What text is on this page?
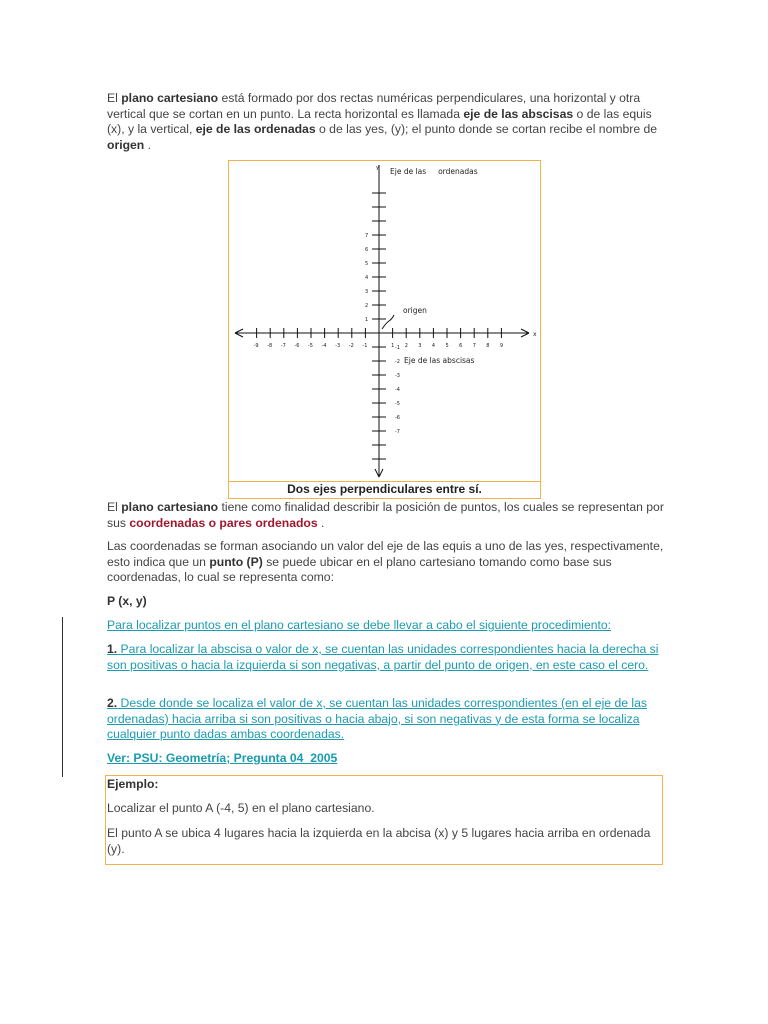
El plano cartesiano está formado por dos rectas numéricas perpendiculares, una horizontal y otra vertical que se cortan en un punto. La recta horizontal es llamada eje de las abscisas o de las equis (x), y la vertical, eje de las ordenadas o de las yes, (y); el punto donde se cortan recibe el nombre de origen .

-9 -8 -7 -6 -5 -4 -3 -2 -1	1 2 3 4 5 6 7 8 9
1
2
3
4
5
6
7
-1
-2
-3
-4
-5
-6
-7
y Eje de las     ordenadas
x
Eje de las abscisas
origen
Dos ejes perpendiculares entre sí.

El plano cartesiano tiene como finalidad describir la posición de puntos, los cuales se representan por sus coordenadas o pares ordenados .

Las coordenadas se forman asociando un valor del eje de las equis a uno de las yes, respectivamente, esto indica que un punto (P) se puede ubicar en el plano cartesiano tomando como base sus coordenadas, lo cual se representa como:

P (x, y)

Para localizar puntos en el plano cartesiano se debe llevar a cabo el siguiente procedimiento:

1. Para localizar la abscisa o valor de x, se cuentan las unidades correspondientes hacia la derecha si son positivas o hacia la izquierda si son negativas, a partir del punto de origen, en este caso el cero.

2. Desde donde se localiza el valor de x, se cuentan las unidades correspondientes (en el eje de las ordenadas) hacia arriba si son positivas o hacia abajo, si son negativas y de esta forma se localiza cualquier punto dadas ambas coordenadas.

Ver: PSU: Geometría; Pregunta 04_2005

Ejemplo:

Localizar el punto A (-4, 5) en el plano cartesiano.

El punto A se ubica 4 lugares hacia la izquierda en la abcisa (x) y 5 lugares hacia arriba en ordenada (y).
